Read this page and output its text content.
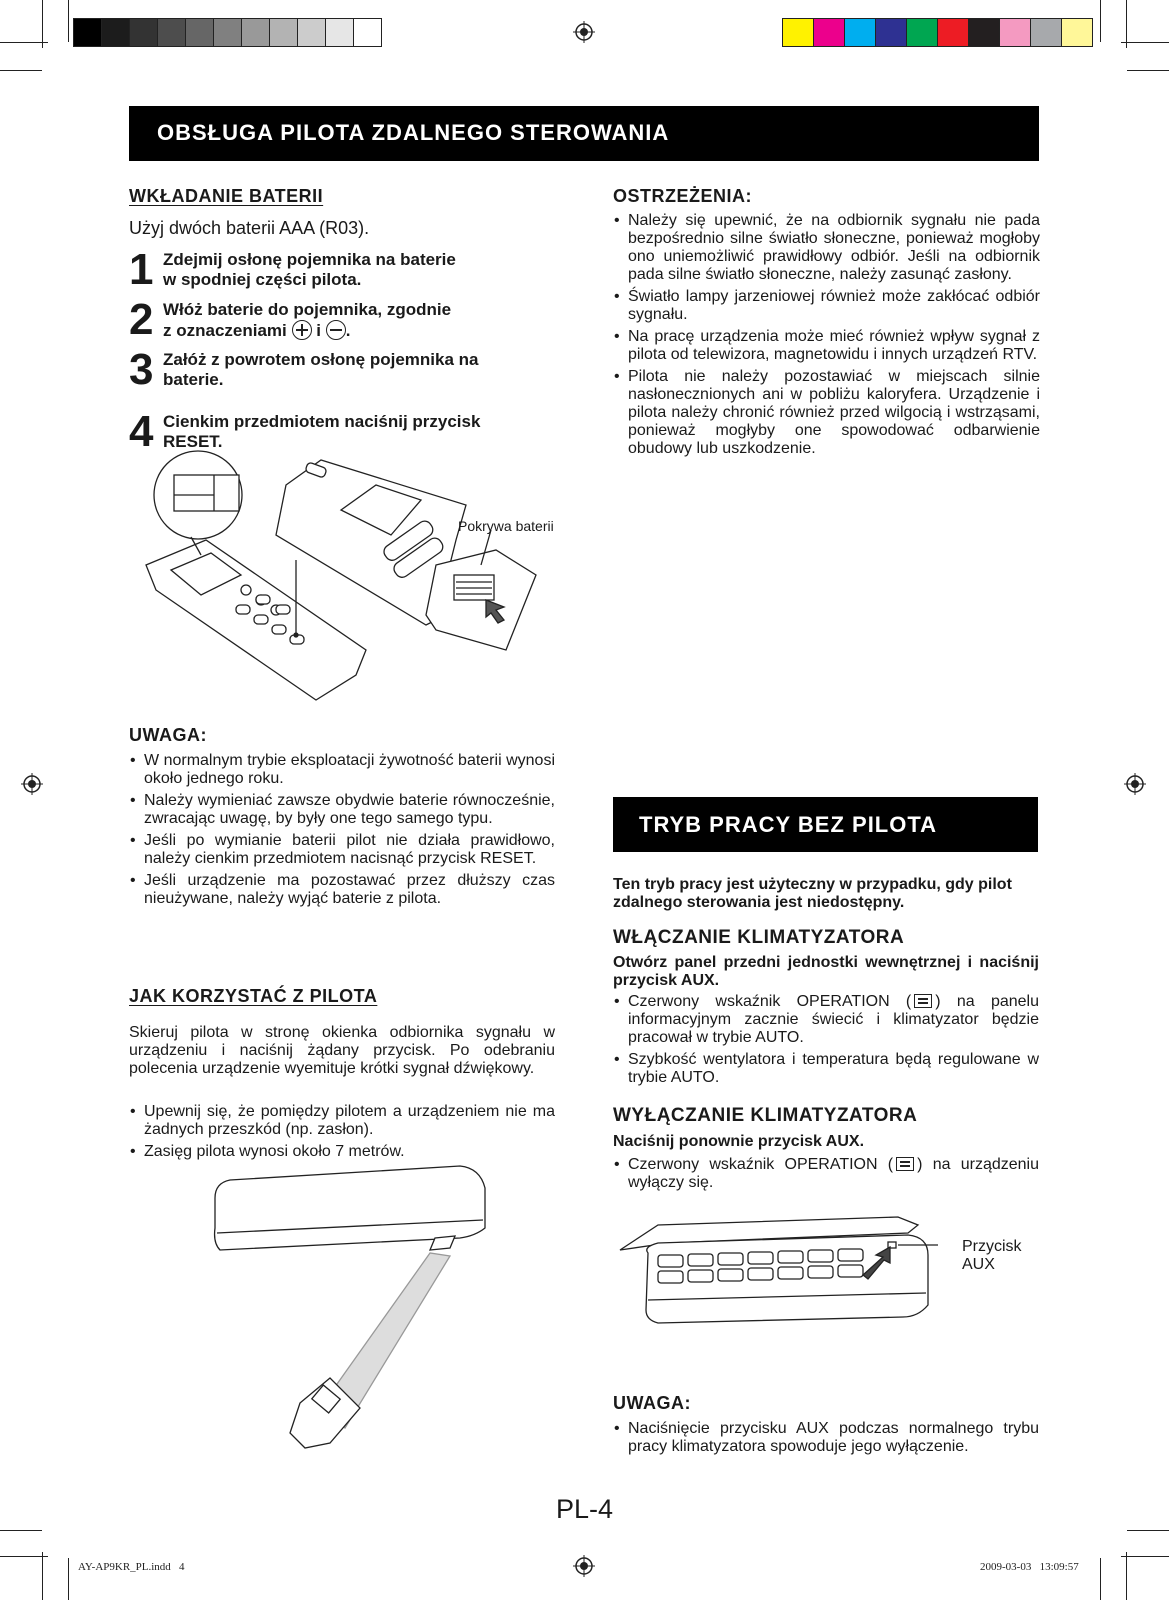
OBSŁUGA PILOTA ZDALNEGO STEROWANIA
WKŁADANIE BATERII
Użyj dwóch baterii AAA (R03).
1 Zdejmij osłonę pojemnika na baterie
w spodniej części pilota.
2 Włóż baterie do pojemnika, zgodnie
z oznaczeniami i .
3 Załóż z powrotem osłonę pojemnika na
baterie.
4 Cienkim przedmiotem naciśnij przycisk
RESET.
Pokrywa baterii
OSTRZEŻENIA:
• Należy się upewnić, że na odbiornik sygnału nie pada bezpośrednio silne światło słoneczne, ponieważ mogłoby ono uniemożliwić prawidłowy odbiór. Jeśli na odbiornik pada silne światło słoneczne, należy zasunąć zasłony.
• Światło lampy jarzeniowej również może zakłócać odbiór sygnału.
• Na pracę urządzenia może mieć również wpływ sygnał z pilota od telewizora, magnetowidu i innych urządzeń RTV.
• Pilota nie należy pozostawiać w miejscach silnie nasłonecznionych ani w pobliżu kaloryfera. Urządzenie i pilota należy chronić również przed wilgocią i wstrząsami, ponieważ mogłyby one spowodować odbarwienie obudowy lub uszkodzenie.
UWAGA:
• W normalnym trybie eksploatacji żywotność baterii wynosi około jednego roku.
• Należy wymieniać zawsze obydwie baterie równocześnie, zwracając uwagę, by były one tego samego typu.
• Jeśli po wymianie baterii pilot nie działa prawidłowo, należy cienkim przedmiotem nacisnąć przycisk RESET.
• Jeśli urządzenie ma pozostawać przez dłuższy czas nieużywane, należy wyjąć baterie z pilota.
JAK KORZYSTAĆ Z PILOTA
Skieruj pilota w stronę okienka odbiornika sygnału w urządzeniu i naciśnij żądany przycisk. Po odebraniu polecenia urządzenie wyemituje krótki sygnał dźwiękowy.
• Upewnij się, że pomiędzy pilotem a urządzeniem nie ma żadnych przeszkód (np. zasłon).
• Zasięg pilota wynosi około 7 metrów.
TRYB PRACY BEZ PILOTA
Ten tryb pracy jest użyteczny w przypadku, gdy pilot zdalnego sterowania jest niedostępny.
WŁĄCZANIE KLIMATYZATORA
Otwórz panel przedni jednostki wewnętrznej i naciśnij przycisk AUX.
• Czerwony wskaźnik OPERATION ( ) na panelu informacyjnym zacznie świecić i klimatyzator będzie pracował w trybie AUTO.
• Szybkość wentylatora i temperatura będą regulowane w trybie AUTO.
WYŁĄCZANIE KLIMATYZATORA
Naciśnij ponownie przycisk AUX.
• Czerwony wskaźnik OPERATION ( ) na urządzeniu wyłączy się.
Przycisk
AUX
UWAGA:
• Naciśnięcie przycisku AUX podczas normalnego trybu pracy klimatyzatora spowoduje jego wyłączenie.
PL-4
AY-AP9KR_PL.indd   4	2009-03-03   13:09:57
